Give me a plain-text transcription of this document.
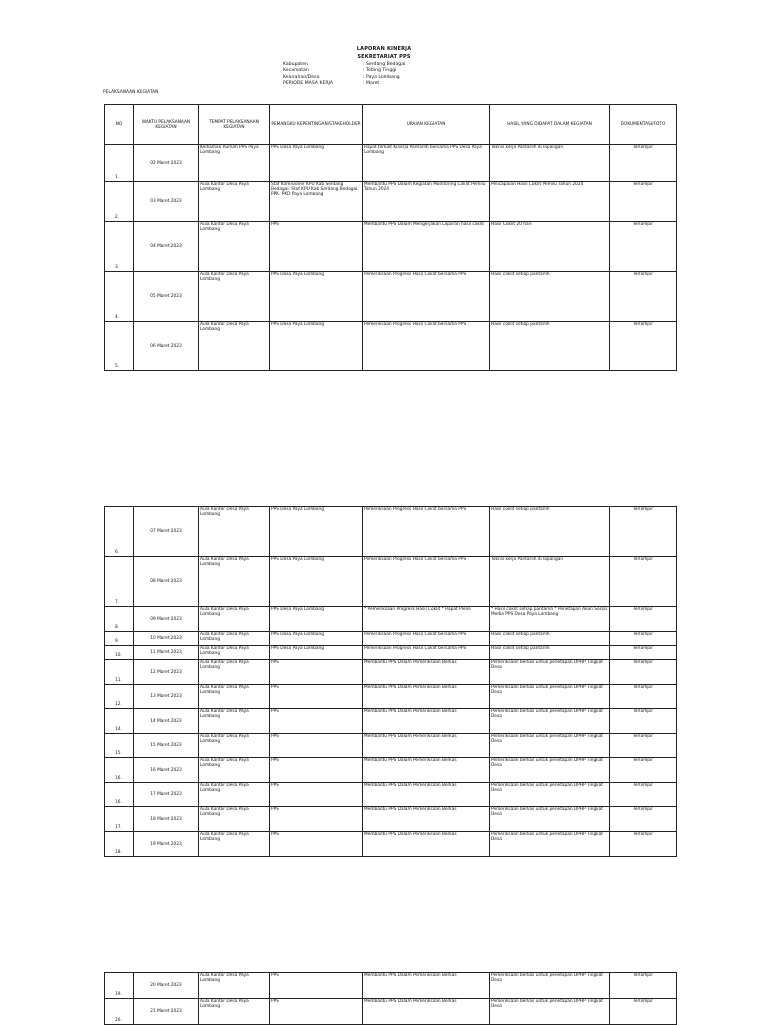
LAPORAN KINERJA
SEKRETARIAT PPS
Kabupaten	: Serdang Bedagai
Kecamatan	: Tebing Tinggi
Kelurahan/Desa	: Paya Lombang
PERIODE MASA KERJA	: Maret
PELAKSANAAN KEGIATAN
NO	WAKTU PELAKSANAAN KEGIATAN	TEMPAT PELAKSANAAN KEGIATAN	PEMANGKU KEPENTINGAN/STAKEHOLDER	URAIAN KEGIATAN	HASIL YANG DIDAPAT DALAM KEGIATAN	DOKUMENTASI/FOTO
1.	02 Maret 2023	Kediaman Rumah PPS Paya Lombang	PPS Desa Paya Lombang	Rapat terkait Kinerja Pantarlih bersama PPS Desa Paya Lombang	Teknis kerja Pantarlih di lapangan	Terlampir
2.	03 Maret 2023	Aula Kantor Desa Paya Lombang	Staf Komisioner KPU Kab Serdang Bedagai. Staf KPU Kab Serdang Bedagai. PPK. PKD Paya Lombang	Membantu PPS Dalam Kegiatan Monitoring Coklit Pemilu Tahun 2024	Pencapaian Hasil Coklit Pemilu Tahun 2024	Terlampir
3.	04 Maret 2023	Aula Kantor Desa Paya Lombang	PPS	Membantu PPS Dalam Mengerjakan Laporan hasil coklit	Hasil Coklit 20 hari	Terlampir
4.	05 Maret 2023	Aula Kantor Desa Paya Lombang	PPS Desa Paya Lombang	Pemeriksaan Progress Hasil Coklit bersama PPS	Hasil coklit setiap pantarlih	Terlampir
5.	06 Maret 2023	Aula Kantor Desa Paya Lombang	PPS Desa Paya Lombang	Pemeriksaan Progress Hasil Coklit bersama PPS	Hasil coklit setiap pantarlih	Terlampir
6.	07 Maret 2023	Aula Kantor Desa Paya Lombang	PPS Desa Paya Lombang	Pemeriksaan Progress Hasil Coklit bersama PPS	Hasil coklit setiap pantarlih	Terlampir
7.	08 Maret 2023	Aula Kantor Desa Paya Lombang	PPS Desa Paya Lombang	Pemeriksaan Progress Hasil Coklit bersama PPS	Teknis kerja Pantarlih di lapangan	Terlampir
8.	09 Maret 2023	Aula Kantor Desa Paya Lombang	PPS Desa Paya Lombang	* Pemeriksaan Progress Hasil Coklit * Rapat Pleno	* Hasil coklit setiap pantarlih * Penetapan Akun Sosial Media PPS Desa Paya Lombang	Terlampir
9.	10 Maret 2023	Aula Kantor Desa Paya Lombang	PPS Desa Paya Lombang	Pemeriksaan Progress Hasil Coklit bersama PPS	Hasil coklit setiap pantarlih	Terlampir
10.	11 Maret 2023	Aula Kantor Desa Paya Lombang	PPS Desa Paya Lombang	Pemeriksaan Progress Hasil Coklit bersama PPS	Hasil coklit setiap pantarlih	Terlampir
11.	12 Maret 2023	Aula Kantor Desa Paya Lombang	PPS	Membantu PPS Dalam Pemeriksaan Berkas	Pemeriksaan berkas untuk penetapan DPHP Tingkat Desa	Terlampir
12.	13 Maret 2023	Aula Kantor Desa Paya Lombang	PPS	Membantu PPS Dalam Pemeriksaan Berkas	Pemeriksaan berkas untuk penetapan DPHP Tingkat Desa	Terlampir
14.	14 Maret 2023	Aula Kantor Desa Paya Lombang	PPS	Membantu PPS Dalam Pemeriksaan Berkas	Pemeriksaan berkas untuk penetapan DPHP Tingkat Desa	Terlampir
15.	15 Maret 2023	Aula Kantor Desa Paya Lombang	PPS	Membantu PPS Dalam Pemeriksaan Berkas	Pemeriksaan berkas untuk penetapan DPHP Tingkat Desa	Terlampir
16.	16 Maret 2023	Aula Kantor Desa Paya Lombang	PPS	Membantu PPS Dalam Pemeriksaan Berkas	Pemeriksaan berkas untuk penetapan DPHP Tingkat Desa	Terlampir
16.	17 Maret 2023	Aula Kantor Desa Paya Lombang	PPS	Membantu PPS Dalam Pemeriksaan Berkas	Pemeriksaan berkas untuk penetapan DPHP Tingkat Desa	Terlampir
17.	18 Maret 2023	Aula Kantor Desa Paya Lombang	PPS	Membantu PPS Dalam Pemeriksaan Berkas	Pemeriksaan berkas untuk penetapan DPHP Tingkat Desa	Terlampir
18.	19 Maret 2023	Aula Kantor Desa Paya Lombang	PPS	Membantu PPS Dalam Pemeriksaan Berkas	Pemeriksaan berkas untuk penetapan DPHP Tingkat Desa	Terlampir
19.	20 Maret 2023	Aula Kantor Desa Paya Lombang	PPS	Membantu PPS Dalam Pemeriksaan Berkas	Pemeriksaan berkas untuk penetapan DPHP Tingkat Desa	Terlampir
20.	21 Maret 2023	Aula Kantor Desa Paya Lombang	PPS	Membantu PPS Dalam Pemeriksaan Berkas	Pemeriksaan berkas untuk penetapan DPHP Tingkat Desa	Terlampir
